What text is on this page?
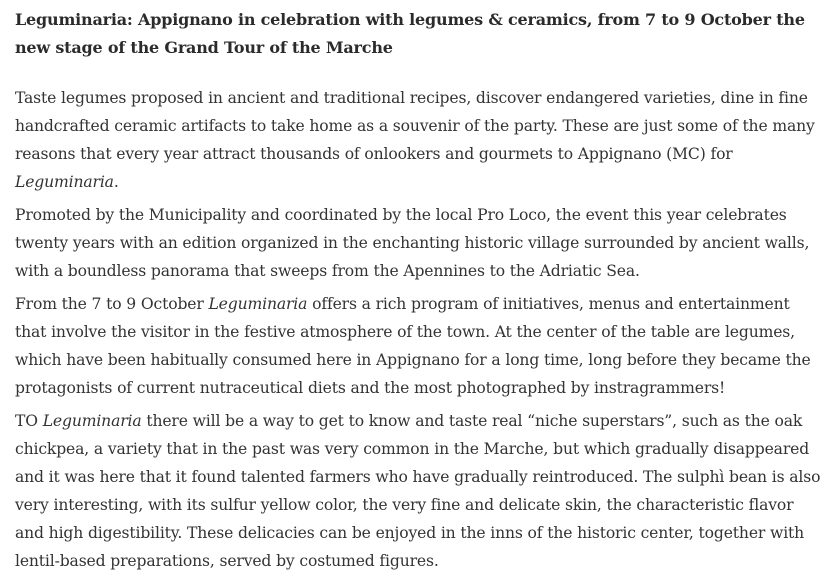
Leguminaria: Appignano in celebration with legumes & ceramics, from 7 to 9 October the new stage of the Grand Tour of the Marche

Taste legumes proposed in ancient and traditional recipes, discover endangered varieties, dine in fine handcrafted ceramic artifacts to take home as a souvenir of the party. These are just some of the many reasons that every year attract thousands of onlookers and gourmets to Appignano (MC) for Leguminaria.

Promoted by the Municipality and coordinated by the local Pro Loco, the event this year celebrates twenty years with an edition organized in the enchanting historic village surrounded by ancient walls, with a boundless panorama that sweeps from the Apennines to the Adriatic Sea.

From the 7 to 9 October Leguminaria offers a rich program of initiatives, menus and entertainment that involve the visitor in the festive atmosphere of the town. At the center of the table are legumes, which have been habitually consumed here in Appignano for a long time, long before they became the protagonists of current nutraceutical diets and the most photographed by instragrammers!

TO Leguminaria there will be a way to get to know and taste real “niche superstars”, such as the oak chickpea, a variety that in the past was very common in the Marche, but which gradually disappeared and it was here that it found talented farmers who have gradually reintroduced. The sulphì bean is also very interesting, with its sulfur yellow color, the very fine and delicate skin, the characteristic flavor and high digestibility. These delicacies can be enjoyed in the inns of the historic center, together with lentil-based preparations, served by costumed figures.
